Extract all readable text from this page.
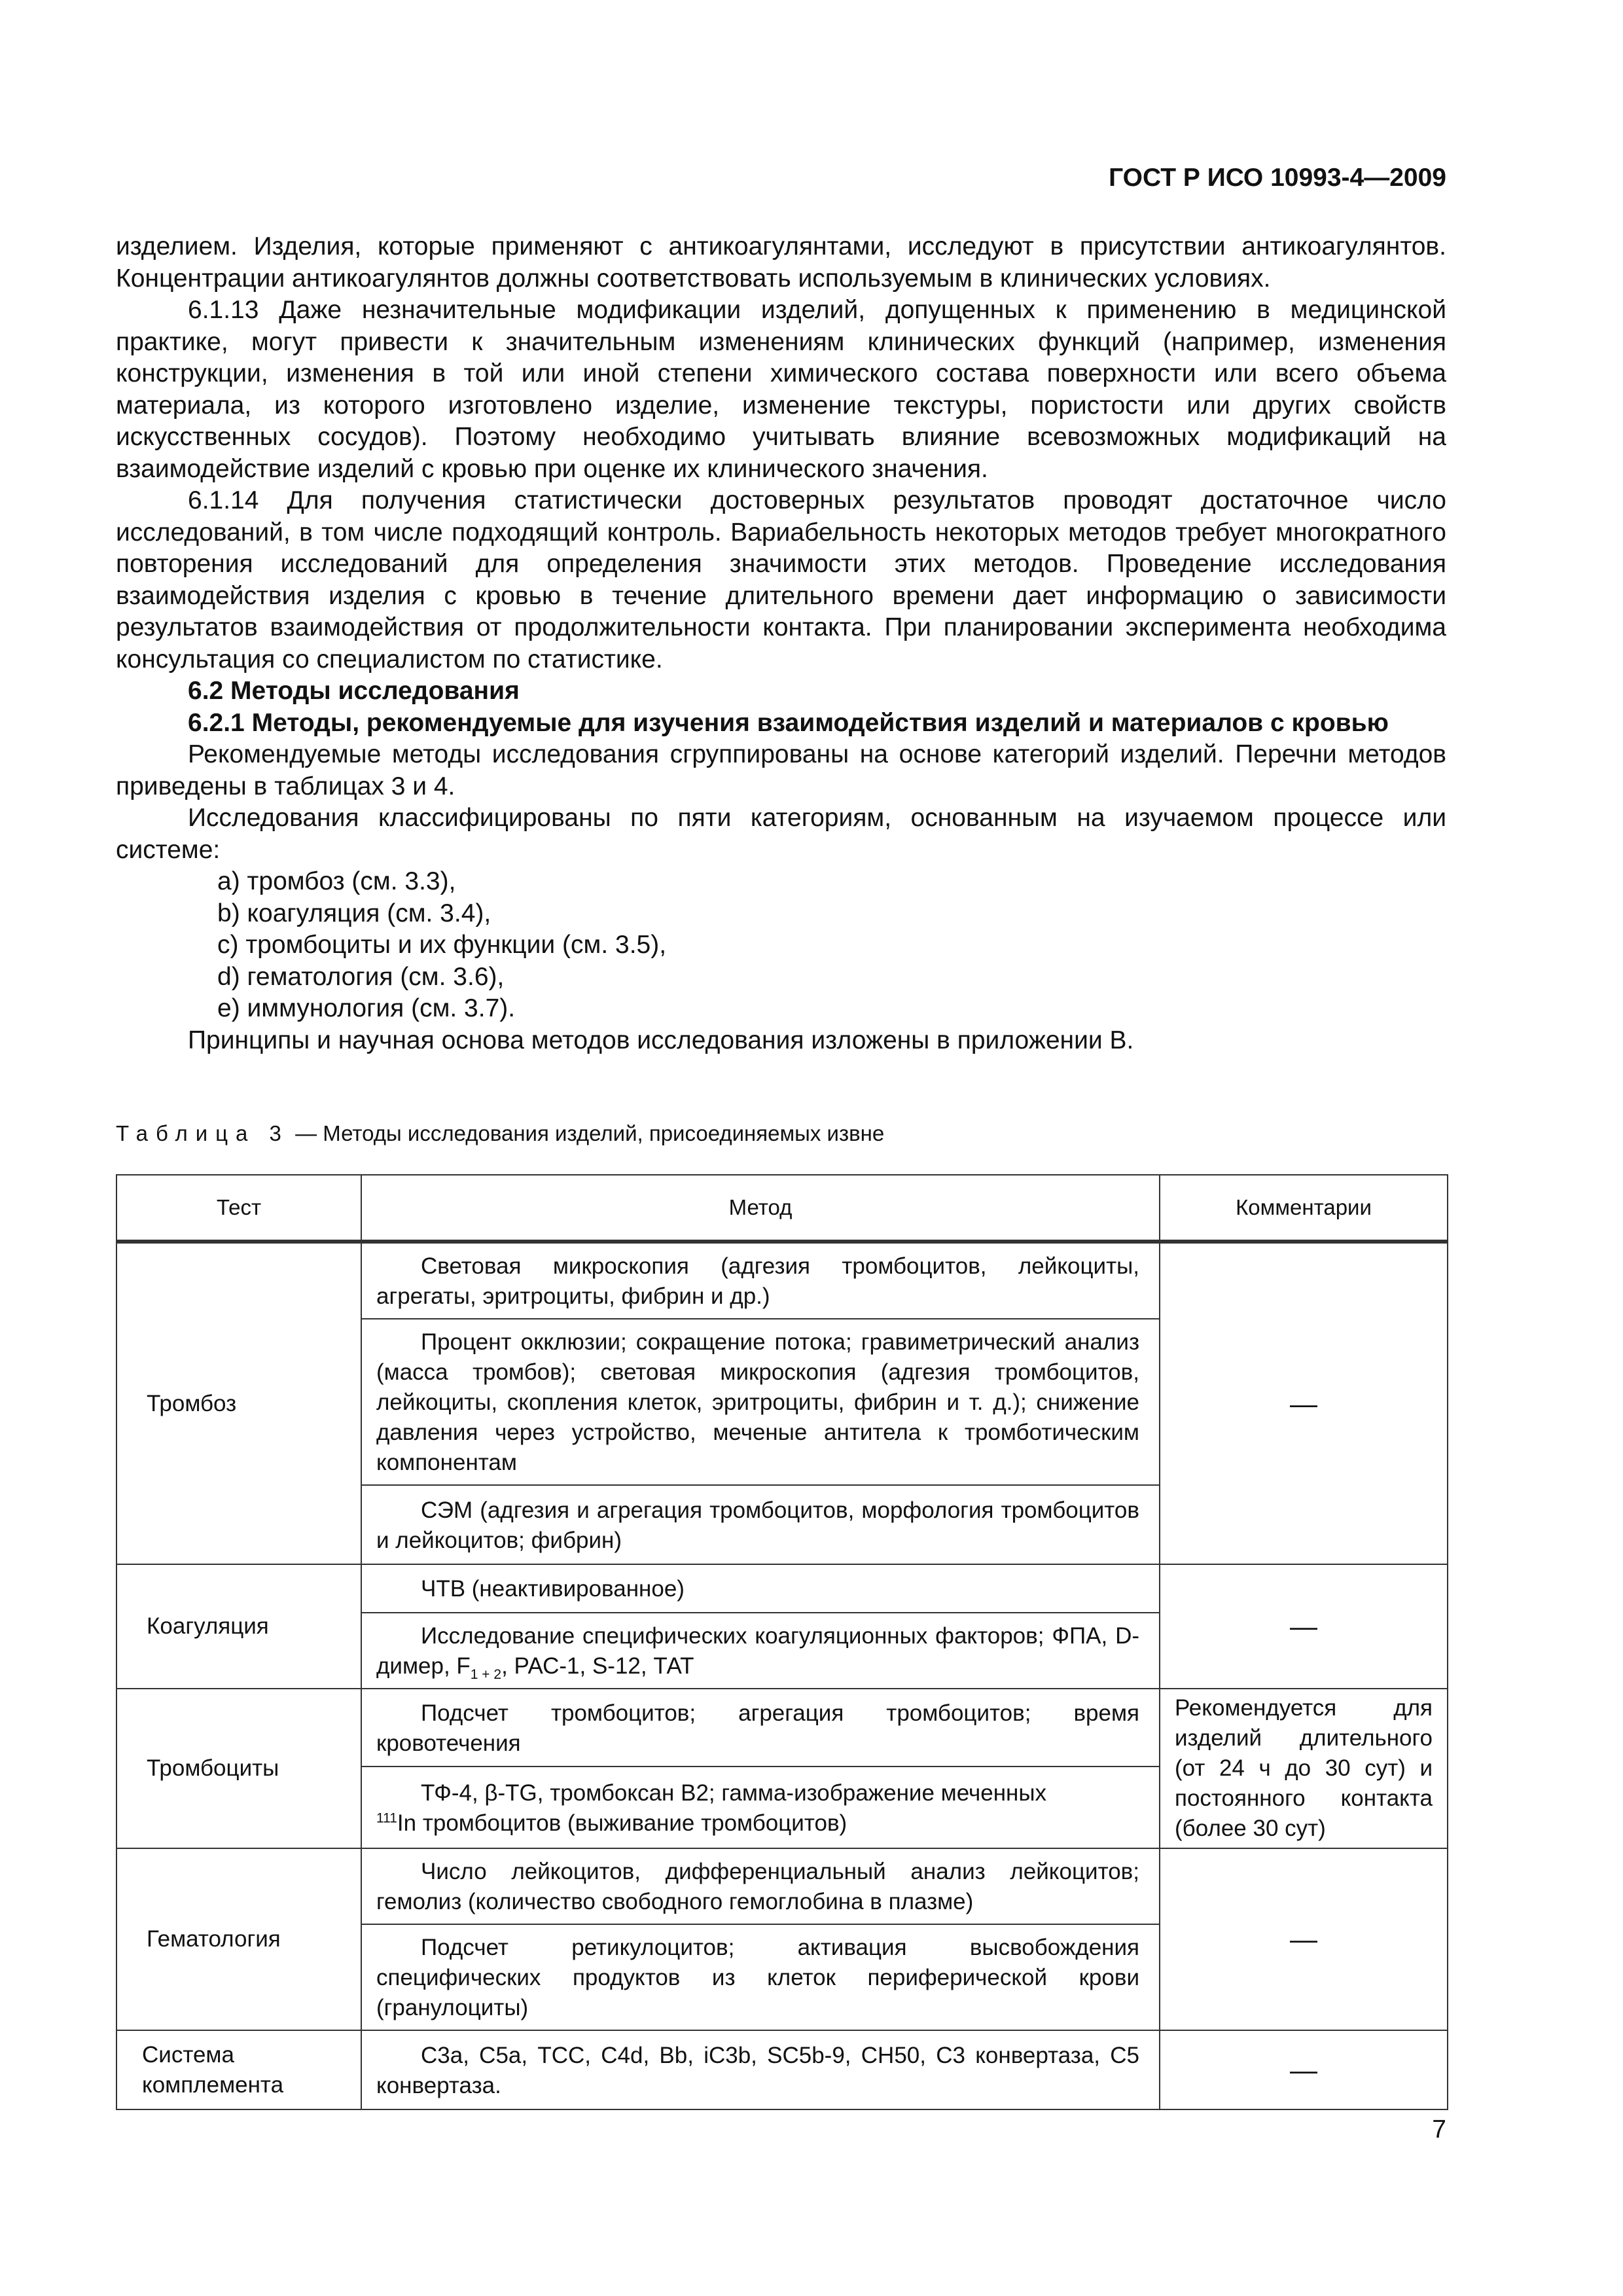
ГОСТ Р ИСО 10993-4—2009

изделием. Изделия, которые применяют с антикоагулянтами, исследуют в присутствии антикоагулянтов. Концентрации антикоагулянтов должны соответствовать используемым в клинических условиях.

6.1.13 Даже незначительные модификации изделий, допущенных к применению в медицинской практике, могут привести к значительным изменениям клинических функций (например, изменения конструкции, изменения в той или иной степени химического состава поверхности или всего объема материала, из которого изготовлено изделие, изменение текстуры, пористости или других свойств искусственных сосудов). Поэтому необходимо учитывать влияние всевозможных модификаций на взаимодействие изделий с кровью при оценке их клинического значения.

6.1.14 Для получения статистически достоверных результатов проводят достаточное число исследований, в том числе подходящий контроль. Вариабельность некоторых методов требует многократного повторения исследований для определения значимости этих методов. Проведение исследования взаимодействия изделия с кровью в течение длительного времени дает информацию о зависимости результатов взаимодействия от продолжительности контакта. При планировании эксперимента необходима консультация со специалистом по статистике.

6.2 Методы исследования

6.2.1 Методы, рекомендуемые для изучения взаимодействия изделий и материалов с кровью

Рекомендуемые методы исследования сгруппированы на основе категорий изделий. Перечни методов приведены в таблицах 3 и 4.

Исследования классифицированы по пяти категориям, основанным на изучаемом процессе или системе:

а) тромбоз (см. 3.3),

b) коагуляция (см. 3.4),

c) тромбоциты и их функции (см. 3.5),

d) гематология (см. 3.6),

e) иммунология (см. 3.7).

Принципы и научная основа методов исследования изложены в приложении В.

Таблица 3 — Методы исследования изделий, присоединяемых извне
Тест	Метод	Комментарии
Тромбоз	Световая микроскопия (адгезия тромбоцитов, лейкоциты, агрегаты, эритроциты, фибрин и др.)	—

	Процент окклюзии; сокращение потока; гравиметрический анализ (масса тромбов); световая микроскопия (адгезия тромбоцитов, лейкоциты, скопления клеток, эритроциты, фибрин и т. д.); снижение давления через устройство, меченые антитела к тромботическим компонентам	

	СЭМ (адгезия и агрегация тромбоцитов, морфология тромбоцитов и лейкоцитов; фибрин)	

Коагуляция	ЧТВ (неактивированное)	—

	Исследование специфических коагуляционных факторов; ФПА, D-димер, $F_{1 + 2}$, РАС-1, S-12, ТАТ	

Тромбоциты	Подсчет тромбоцитов; агрегация тромбоцитов; время кровотечения	Рекомендуется для изделий длительного (от 24 ч до 30 сут) и постоянного контакта (более 30 сут)

	ТФ-4, β-TG, тромбоксан В2; гамма-изображение меченных
$^{111}$In тромбоцитов (выживание тромбоцитов)	

Гематология	Число лейкоцитов, дифференциальный анализ лейкоцитов; гемолиз (количество свободного гемоглобина в плазме)	—

	Подсчет ретикулоцитов; активация высвобождения специфических продуктов из клеток периферической крови (гранулоциты)	

Система комплемента	С3а, С5а, ТСС, С4d, Bb, iC3b, SC5b-9, CH50, С3 конвертаза, С5 конвертаза.	—
7
